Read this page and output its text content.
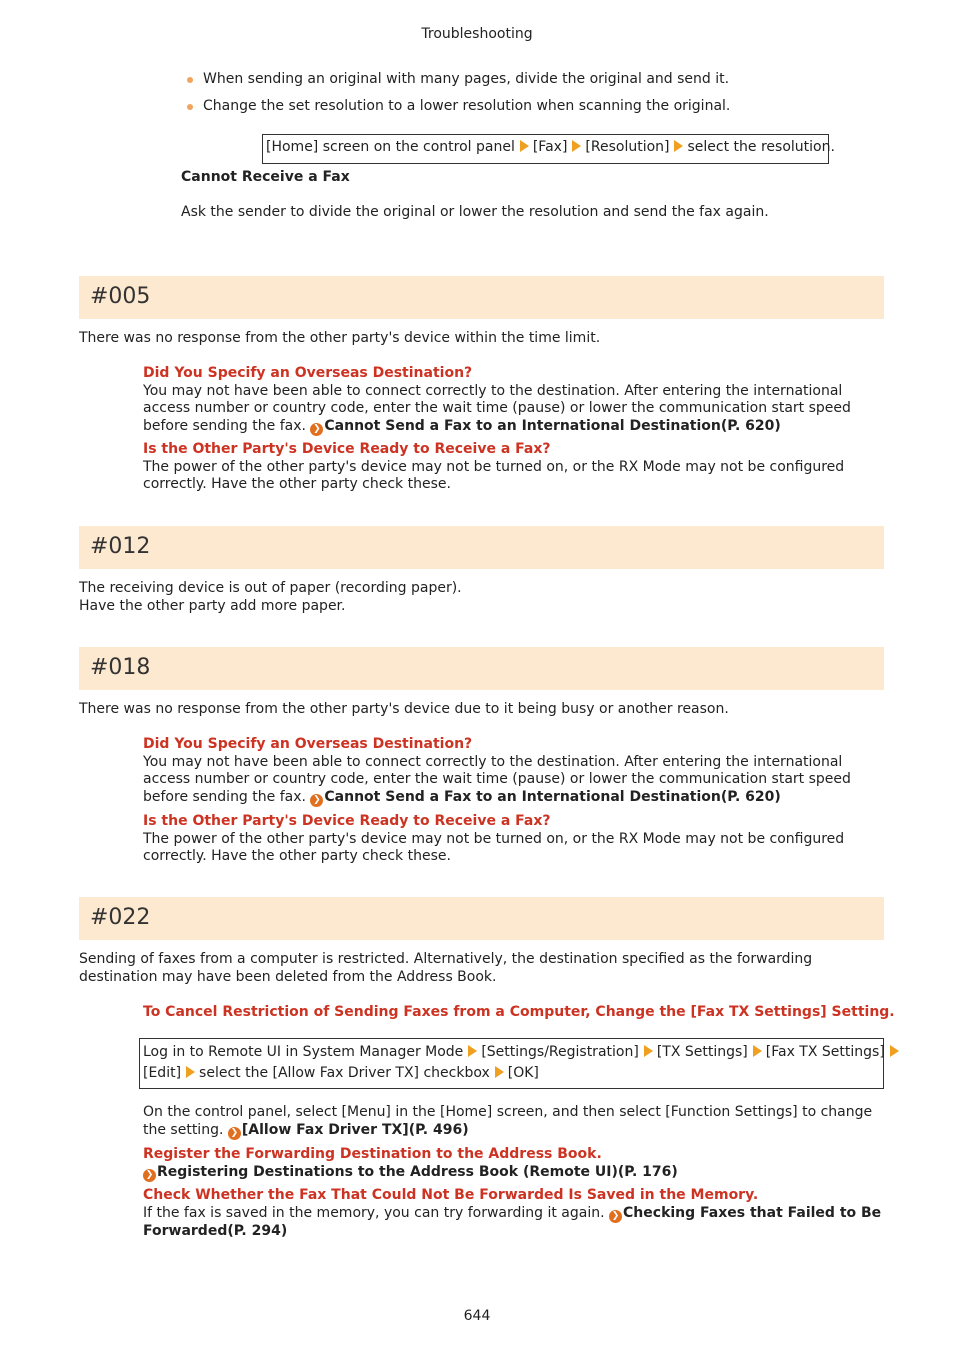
Troubleshooting
When sending an original with many pages, divide the original and send it.
Change the set resolution to a lower resolution when scanning the original.
[Home] screen on the control panel [Fax] [Resolution] select the resolution.
Cannot Receive a Fax
Ask the sender to divide the original or lower the resolution and send the fax again.
#005
There was no response from the other party's device within the time limit.
Did You Specify an Overseas Destination?
You may not have been able to connect correctly to the destination. After entering the international access number or country code, enter the wait time (pause) or lower the communication start speed before sending the fax. ❯ Cannot Send a Fax to an International Destination(P. 620)
Is the Other Party's Device Ready to Receive a Fax?
The power of the other party's device may not be turned on, or the RX Mode may not be configured correctly. Have the other party check these.
#012
The receiving device is out of paper (recording paper).
Have the other party add more paper.
#018
There was no response from the other party's device due to it being busy or another reason.
Did You Specify an Overseas Destination?
You may not have been able to connect correctly to the destination. After entering the international access number or country code, enter the wait time (pause) or lower the communication start speed before sending the fax. ❯ Cannot Send a Fax to an International Destination(P. 620)
Is the Other Party's Device Ready to Receive a Fax?
The power of the other party's device may not be turned on, or the RX Mode may not be configured correctly. Have the other party check these.
#022
Sending of faxes from a computer is restricted. Alternatively, the destination specified as the forwarding destination may have been deleted from the Address Book.
To Cancel Restriction of Sending Faxes from a Computer, Change the [Fax TX Settings] Setting.
Log in to Remote UI in System Manager Mode [Settings/Registration] [TX Settings] [Fax TX Settings]
[Edit] select the [Allow Fax Driver TX] checkbox [OK]
On the control panel, select [Menu] in the [Home] screen, and then select [Function Settings] to change the setting. ❯ [Allow Fax Driver TX](P. 496)
Register the Forwarding Destination to the Address Book.
❯ Registering Destinations to the Address Book (Remote UI)(P. 176)
Check Whether the Fax That Could Not Be Forwarded Is Saved in the Memory.
If the fax is saved in the memory, you can try forwarding it again. ❯ Checking Faxes that Failed to Be Forwarded(P. 294)
644
